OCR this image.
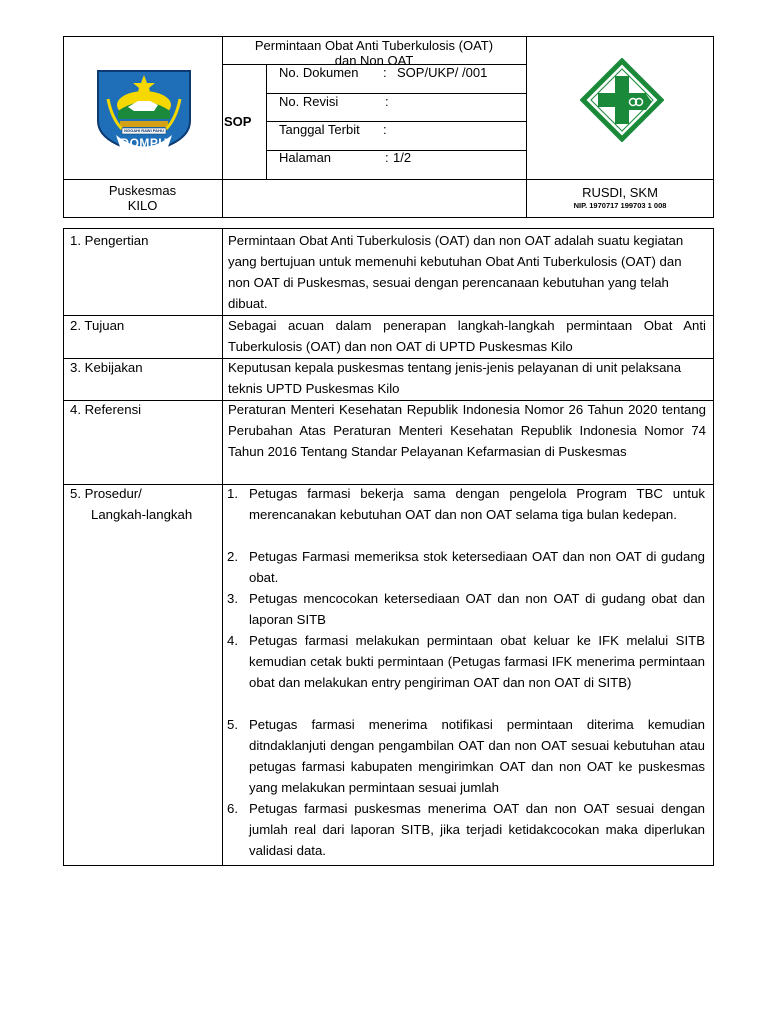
NGGAHI RAWI PAHU
DOMPU
Permintaan Obat Anti Tuberkulosis (OAT)
dan Non OAT
SOP
No. Dokumen : SOP/UKP/ /001
No. Revisi	:
Tanggal Terbit :
Halaman	: 1/2
Puskesmas
KILO
RUSDI, SKM
NIP. 1970717 199703 1 008
1. Pengertian
2. Tujuan
3. Kebijakan
4. Referensi
5. Prosedur/
Langkah-langkah
Permintaan Obat Anti Tuberkulosis (OAT) dan non OAT adalah suatu kegiatan yang bertujuan untuk memenuhi kebutuhan Obat Anti Tuberkulosis (OAT) dan non OAT di Puskesmas, sesuai dengan perencanaan kebutuhan yang telah dibuat.
Sebagai acuan dalam penerapan langkah-langkah permintaan Obat Anti Tuberkulosis (OAT) dan non OAT di UPTD Puskesmas Kilo
Keputusan kepala puskesmas tentang jenis-jenis pelayanan di unit pelaksana teknis UPTD Puskesmas Kilo
Peraturan Menteri Kesehatan Republik Indonesia Nomor 26 Tahun 2020 tentang Perubahan Atas Peraturan Menteri Kesehatan Republik Indonesia Nomor 74 Tahun 2016 Tentang Standar Pelayanan Kefarmasian di Puskesmas
1. Petugas farmasi bekerja sama dengan pengelola Program TBC untuk merencanakan kebutuhan OAT dan non OAT selama tiga bulan kedepan.
2. Petugas Farmasi memeriksa stok ketersediaan OAT dan non OAT di gudang obat.
3. Petugas mencocokan ketersediaan OAT dan non OAT di gudang obat dan laporan SITB
4. Petugas farmasi melakukan permintaan obat keluar ke IFK melalui SITB kemudian cetak bukti permintaan (Petugas farmasi IFK menerima permintaan obat dan melakukan entry pengiriman OAT dan non OAT di SITB)
5. Petugas farmasi menerima notifikasi permintaan diterima kemudian ditndaklanjuti dengan pengambilan OAT dan non OAT sesuai kebutuhan atau petugas farmasi kabupaten mengirimkan OAT dan non OAT ke puskesmas yang melakukan permintaan sesuai jumlah
6. Petugas farmasi puskesmas menerima OAT dan non OAT sesuai dengan jumlah real dari laporan SITB, jika terjadi ketidakcocokan maka diperlukan validasi data.
